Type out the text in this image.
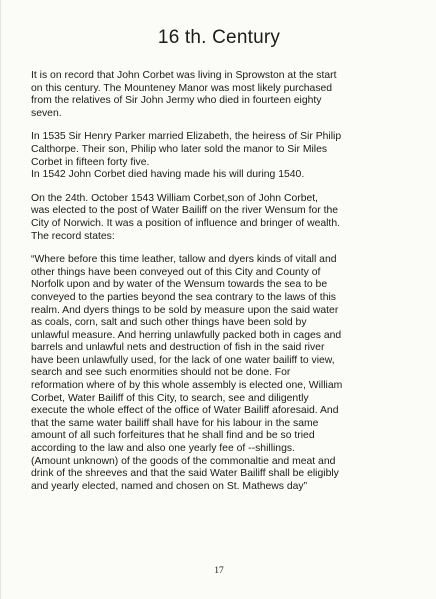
16 th. Century

It is on record that John Corbet was living in Sprowston at the start
on this century. The Mounteney Manor was most likely purchased
from the relatives of Sir John Jermy who died in fourteen eighty
seven.

In 1535 Sir Henry Parker married Elizabeth, the heiress of Sir Philip
Calthorpe. Their son, Philip who later sold the manor to Sir Miles
Corbet in fifteen forty five.
In 1542 John Corbet died having made his will during 1540.

On the 24th. October 1543 William Corbet,son of John Corbet,
was elected to the post of Water Bailiff on the river Wensum for the
City of Norwich. It was a position of influence and bringer of wealth.
The record states:

“Where before this time leather, tallow and dyers kinds of vitall and
other things have been conveyed out of this City and County of
Norfolk upon and by water of the Wensum towards the sea to be
conveyed to the parties beyond the sea contrary to the laws of this
realm. And dyers things to be sold by measure upon the said water
as coals, corn, salt and such other things have been sold by
unlawful measure. And herring unlawfully packed both in cages and
barrels and unlawful nets and destruction of fish in the said river
have been unlawfully used, for the lack of one water bailiff to view,
search and see such enormities should not be done. For
reformation where of by this whole assembly is elected one, William
Corbet, Water Bailiff of this City, to search, see and diligently
execute the whole effect of the office of Water Bailiff aforesaid. And
that the same water bailiff shall have for his labour in the same
amount of all such forfeitures that he shall find and be so tried
according to the law and also one yearly fee of --shillings.
(Amount unknown) of the goods of the commonaltie and meat and
drink of the shreeves and that the said Water Bailiff shall be eligibly
and yearly elected, named and chosen on St. Mathews day”

17
